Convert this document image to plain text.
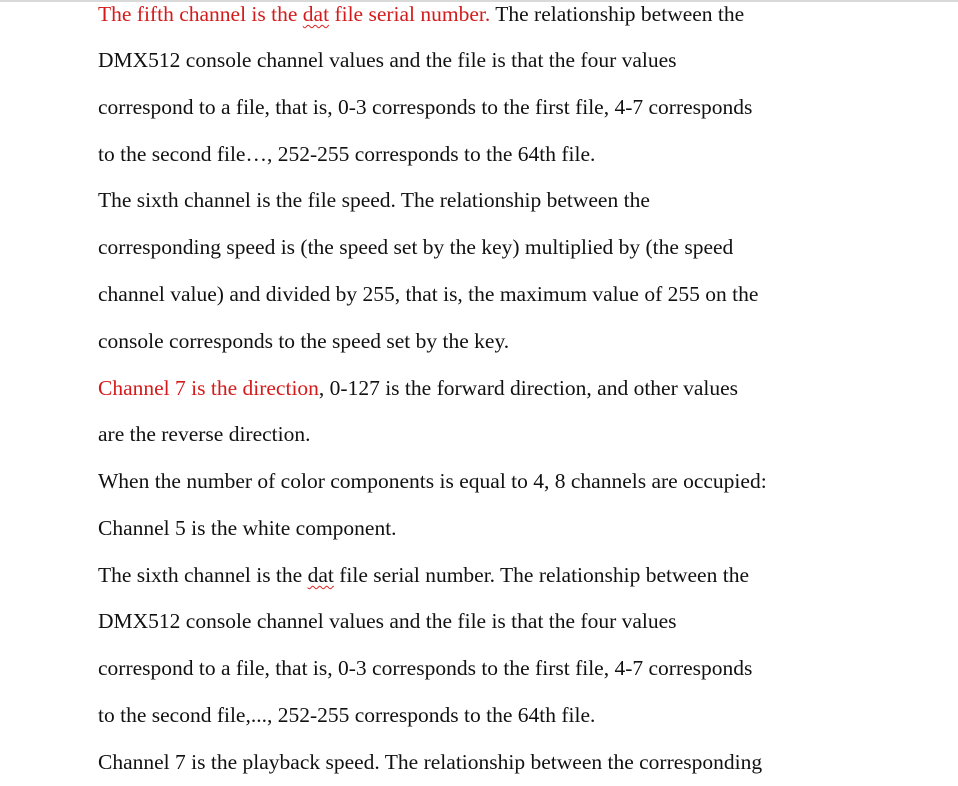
The fifth channel is the dat file serial number. The relationship between the
DMX512 console channel values and the file is that the four values
correspond to a file, that is, 0-3 corresponds to the first file, 4-7 corresponds
to the second file…, 252-255 corresponds to the 64th file.
The sixth channel is the file speed. The relationship between the
corresponding speed is (the speed set by the key) multiplied by (the speed
channel value) and divided by 255, that is, the maximum value of 255 on the
console corresponds to the speed set by the key.
Channel 7 is the direction, 0-127 is the forward direction, and other values
are the reverse direction.
When the number of color components is equal to 4, 8 channels are occupied:
Channel 5 is the white component.
The sixth channel is the dat file serial number. The relationship between the
DMX512 console channel values and the file is that the four values
correspond to a file, that is, 0-3 corresponds to the first file, 4-7 corresponds
to the second file,..., 252-255 corresponds to the 64th file.
Channel 7 is the playback speed. The relationship between the corresponding
